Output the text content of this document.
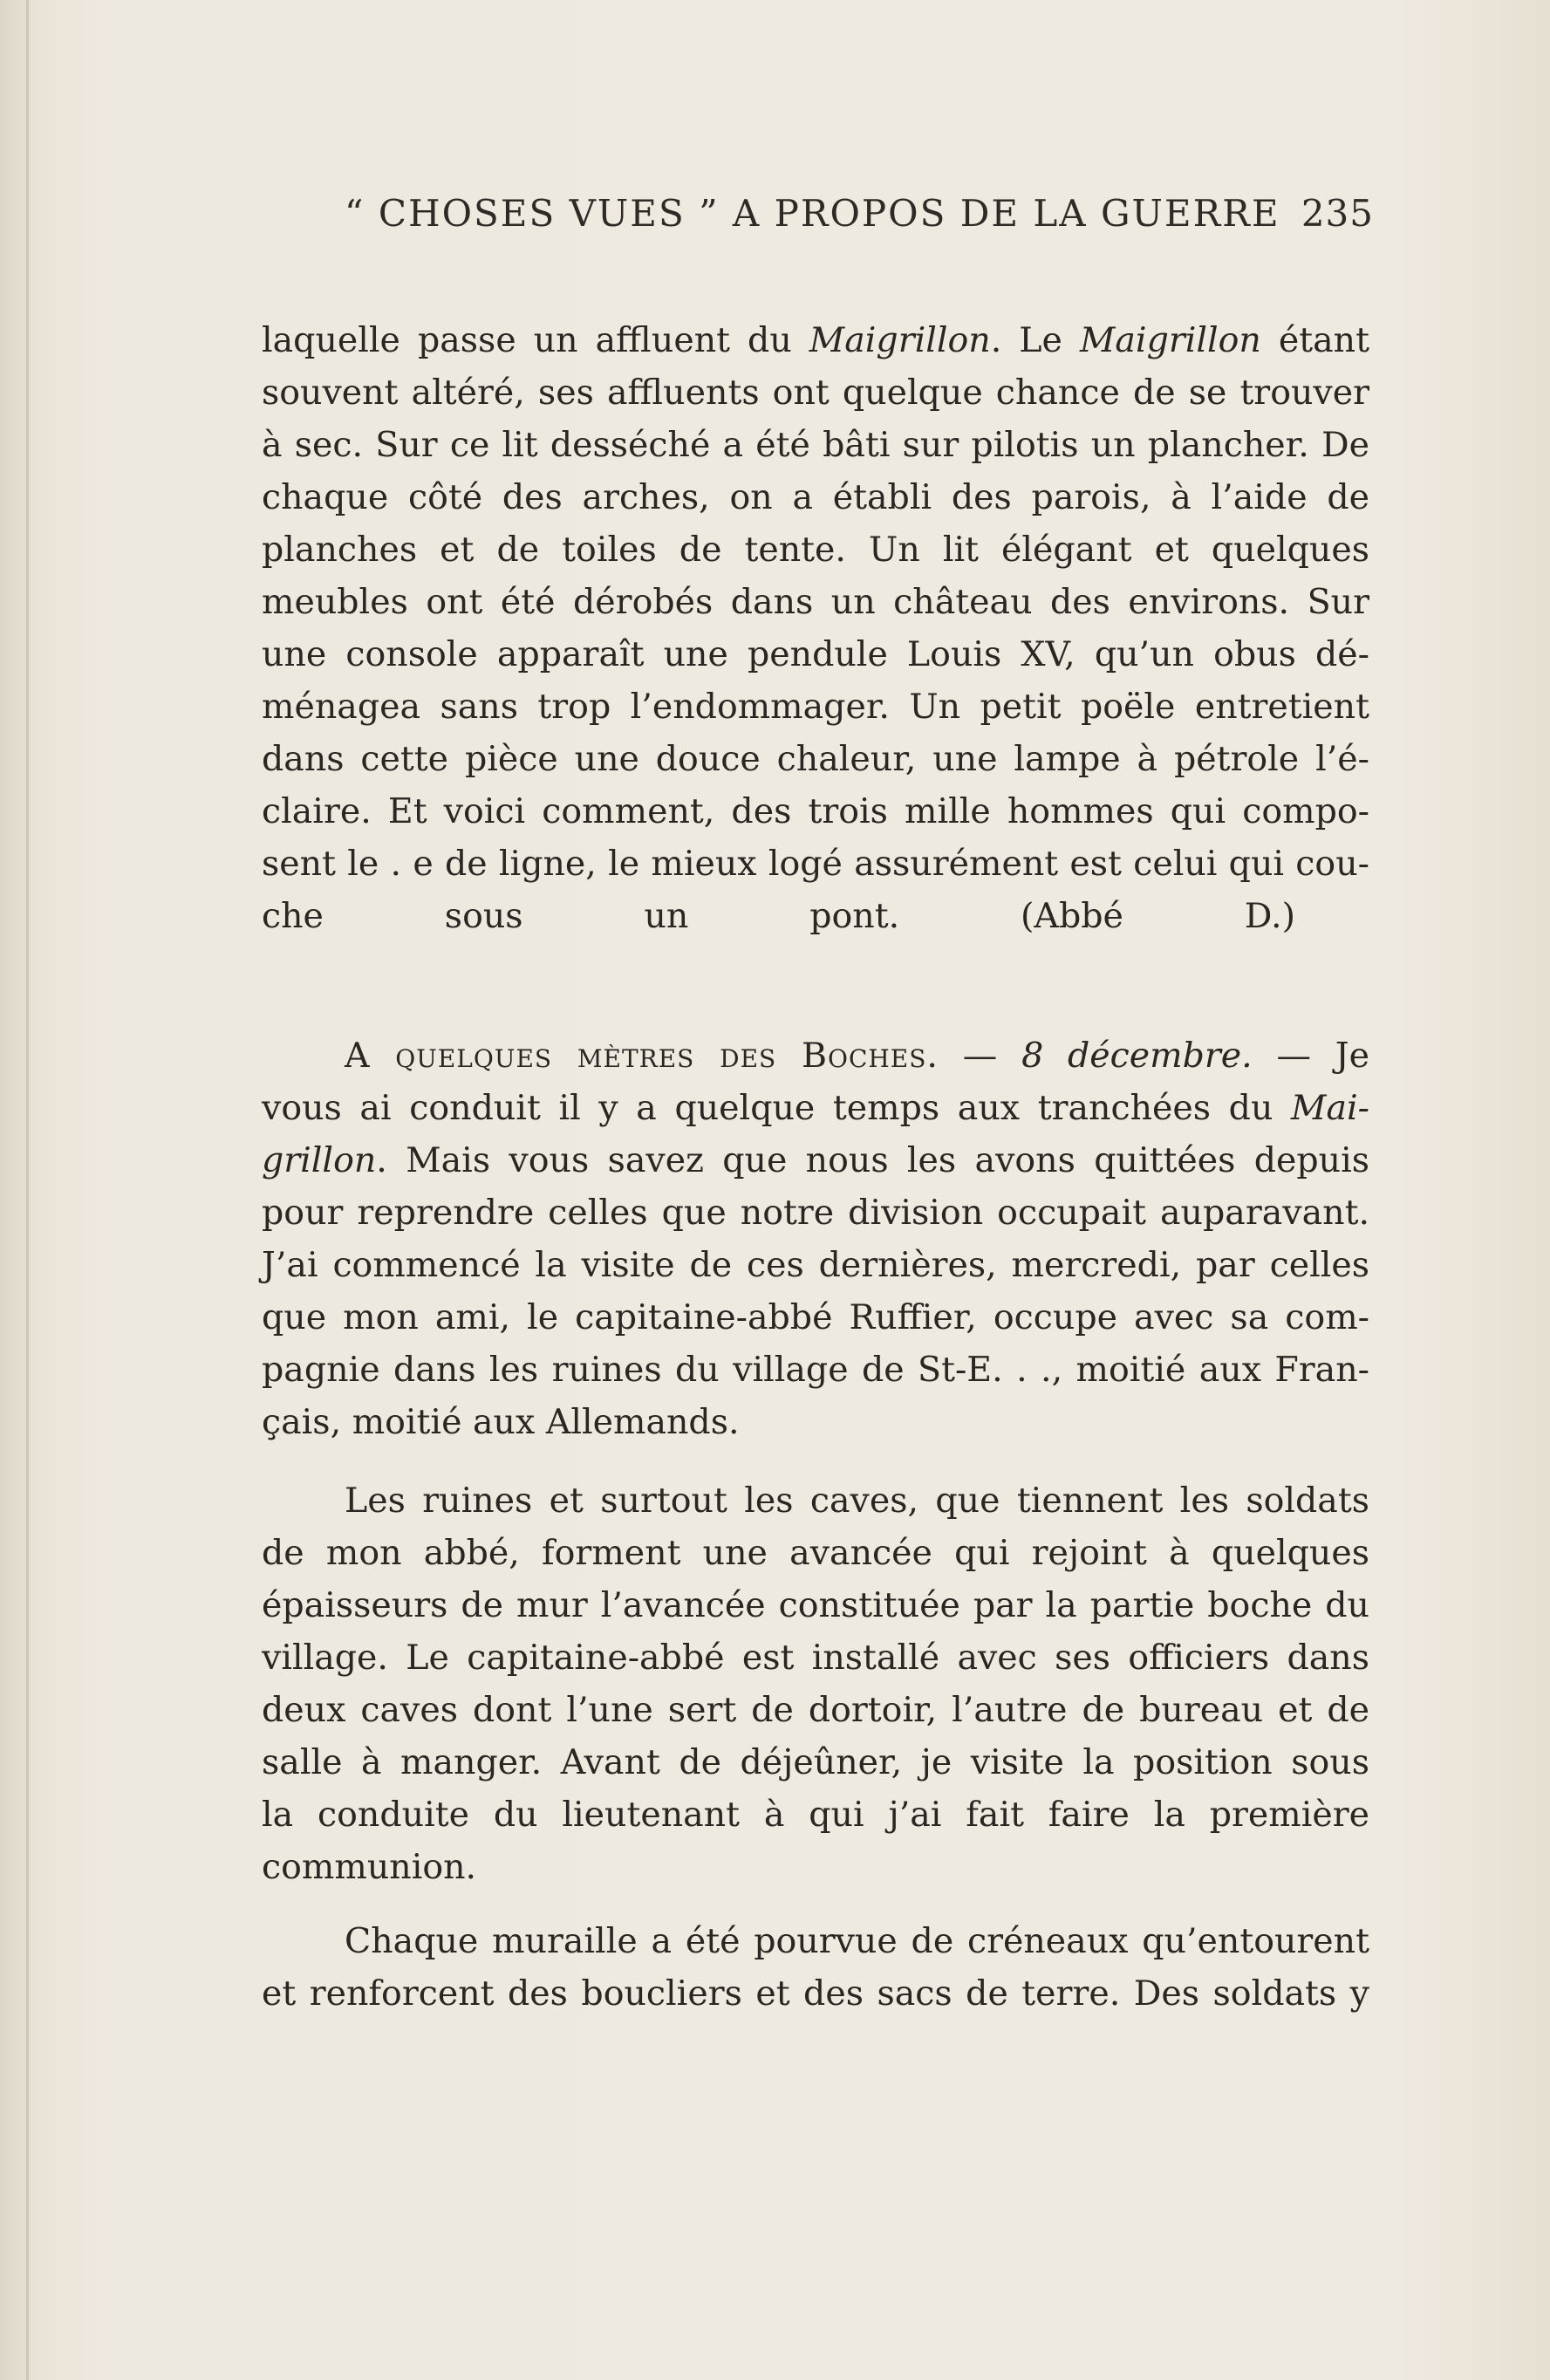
“ CHOSES VUES ” A PROPOS DE LA GUERRE 235
laquelle passe un affluent du Maigrillon. Le Maigrillon étant
souvent altéré, ses affluents ont quelque chance de se trouver
à sec. Sur ce lit desséché a été bâti sur pilotis un plancher. De
chaque côté des arches, on a établi des parois, à l’aide de
planches et de toiles de tente. Un lit élégant et quelques
meubles ont été dérobés dans un château des environs. Sur
une console apparaît une pendule Louis XV, qu’un obus dé-
ménagea sans trop l’endommager. Un petit poële entretient
dans cette pièce une douce chaleur, une lampe à pétrole l’é-
claire. Et voici comment, des trois mille hommes qui compo-
sent le . e de ligne, le mieux logé assurément est celui qui cou-
che sous un pont.	(Abbé D.)
A quelques mètres des Boches. — 8 décembre. — Je
vous ai conduit il y a quelque temps aux tranchées du Mai-
grillon. Mais vous savez que nous les avons quittées depuis
pour reprendre celles que notre division occupait auparavant.
J’ai commencé la visite de ces dernières, mercredi, par celles
que mon ami, le capitaine-abbé Ruffier, occupe avec sa com-
pagnie dans les ruines du village de St-E. . ., moitié aux Fran-
çais, moitié aux Allemands.
Les ruines et surtout les caves, que tiennent les soldats
de mon abbé, forment une avancée qui rejoint à quelques
épaisseurs de mur l’avancée constituée par la partie boche du
village. Le capitaine-abbé est installé avec ses officiers dans
deux caves dont l’une sert de dortoir, l’autre de bureau et de
salle à manger. Avant de déjeûner, je visite la position sous
la conduite du lieutenant à qui j’ai fait faire la première
communion.
Chaque muraille a été pourvue de créneaux qu’entourent
et renforcent des boucliers et des sacs de terre. Des soldats y
